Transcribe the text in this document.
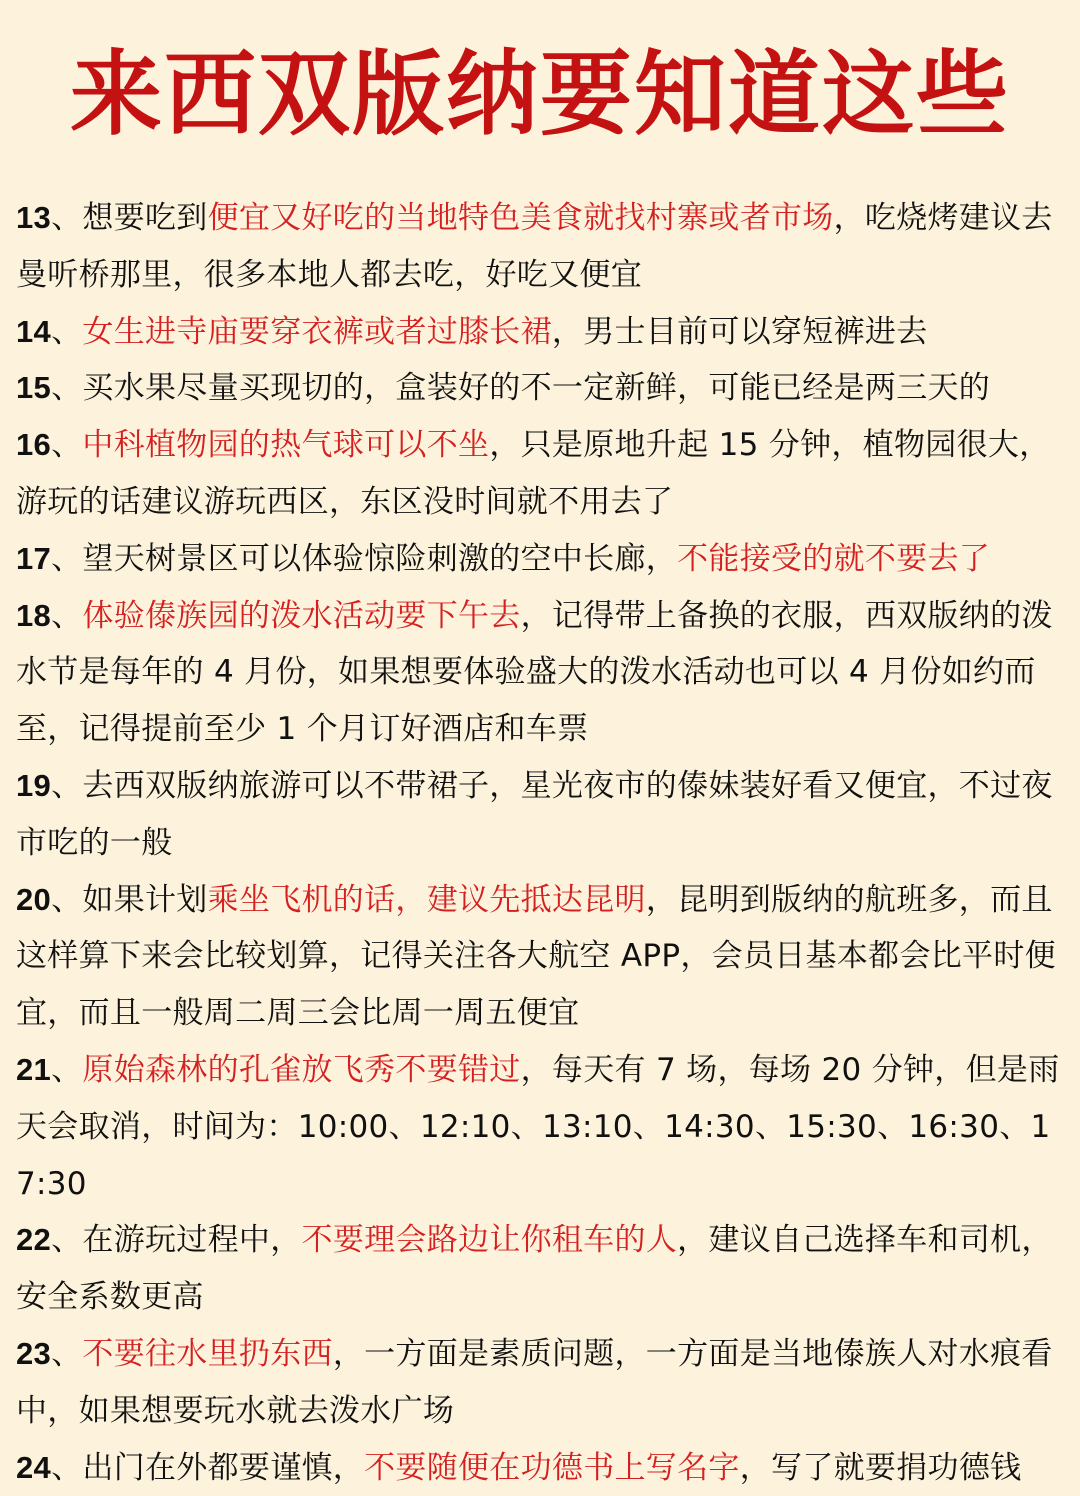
来西双版纳要知道这些
13、想要吃到便宜又好吃的当地特色美食就找村寨或者市场，吃烧烤建议去曼听桥那里，很多本地人都去吃，好吃又便宜
14、女生进寺庙要穿衣裤或者过膝长裙，男士目前可以穿短裤进去
15、买水果尽量买现切的，盒装好的不一定新鲜，可能已经是两三天的
16、中科植物园的热气球可以不坐，只是原地升起 15 分钟，植物园很大，游玩的话建议游玩西区，东区没时间就不用去了
17、望天树景区可以体验惊险刺激的空中长廊，不能接受的就不要去了
18、体验傣族园的泼水活动要下午去，记得带上备换的衣服，西双版纳的泼水节是每年的 4 月份，如果想要体验盛大的泼水活动也可以 4 月份如约而至，记得提前至少 1 个月订好酒店和车票
19、去西双版纳旅游可以不带裙子，星光夜市的傣妹装好看又便宜，不过夜市吃的一般
20、如果计划乘坐飞机的话，建议先抵达昆明，昆明到版纳的航班多，而且这样算下来会比较划算，记得关注各大航空 APP，会员日基本都会比平时便宜，而且一般周二周三会比周一周五便宜
21、原始森林的孔雀放飞秀不要错过，每天有 7 场，每场 20 分钟，但是雨天会取消，时间为：10:00、12:10、13:10、14:30、15:30、16:30、17:30
22、在游玩过程中，不要理会路边让你租车的人，建议自己选择车和司机，安全系数更高
23、不要往水里扔东西，一方面是素质问题，一方面是当地傣族人对水痕看中，如果想要玩水就去泼水广场
24、出门在外都要谨慎，不要随便在功德书上写名字，写了就要捐功德钱
